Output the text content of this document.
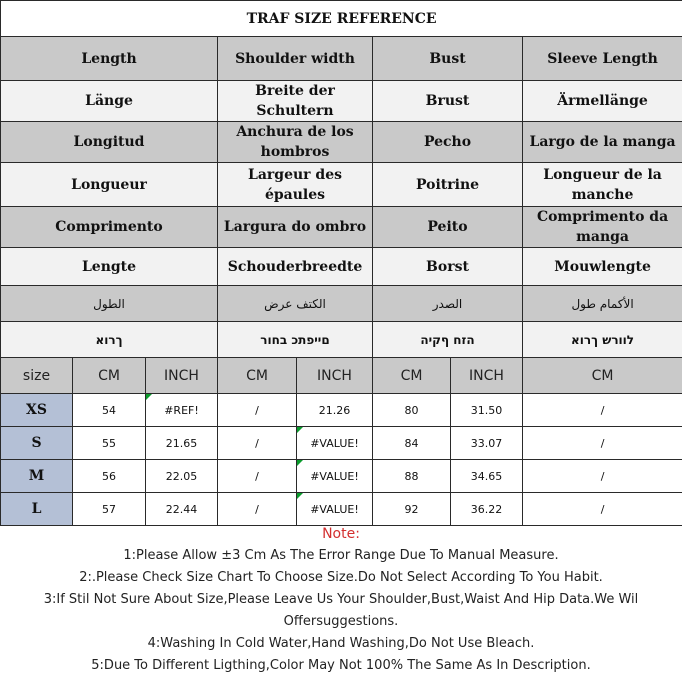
TRAF SIZE REFERENCE							
Length			Shoulder width		Bust		Sleeve Length
Länge			Breite der Schultern		Brust		Ärmellänge
Longitud			Anchura de los hombros		Pecho		Largo de la manga
Longueur			Largeur des épaules		Poitrine		Longueur de la manche
Comprimento			Largura do ombro		Peito		Comprimento da manga
Lengte			Schouderbreedte		Borst		Mouwlengte
الطول			الكتف عرض		الصدر		الأكمام طول
ךרוא			םייפתכ בחור		הזח ףקיה		לוורש ךרוא
size	CM	INCH	CM	INCH	CM	INCH	CM
XS	54	#REF!	/	21.26	80	31.50	/
S	55	21.65	/	#VALUE!	84	33.07	/
M	56	22.05	/	#VALUE!	88	34.65	/
L	57	22.44	/	#VALUE!	92	36.22	/
Note:
1:Please Allow ±3 Cm As The Error Range Due To Manual Measure.
2:.Please Check Size Chart To Choose Size.Do Not Select According To You Habit.
3:If Stil Not Sure About Size,Please Leave Us Your Shoulder,Bust,Waist And Hip Data.We Wil Offersuggestions.
4:Washing In Cold Water,Hand Washing,Do Not Use Bleach.
5:Due To Different Ligthing,Color May Not 100% The Same As In Description.
